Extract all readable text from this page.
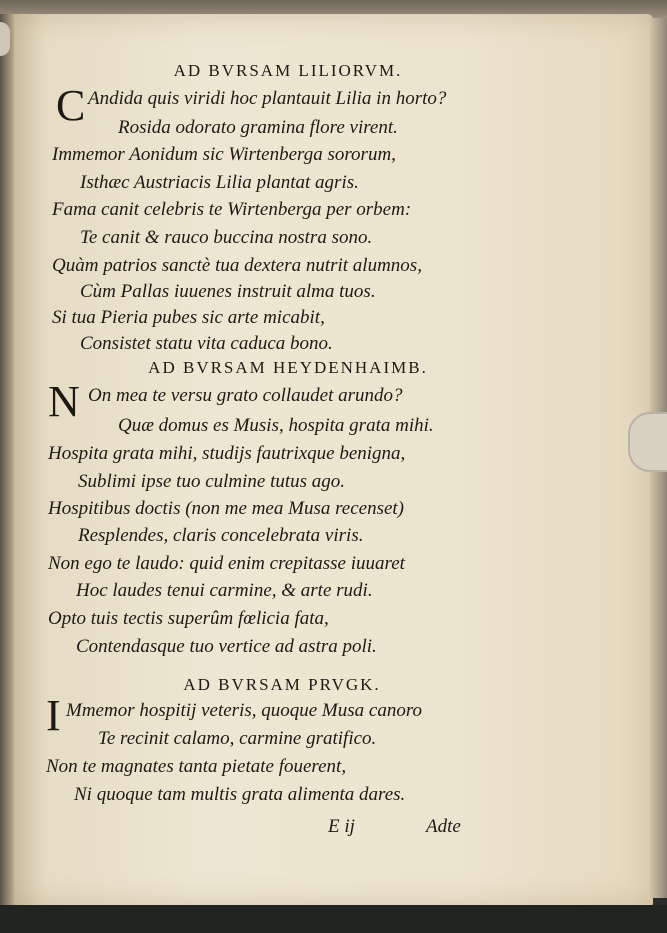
AD BVRSAM LILIORVM.
C Andida quis viridi hoc plantauit Lilia in horto?
Rosida odorato gramina flore virent.
Immemor Aonidum sic Wirtenberga sororum,
Isthæc Austriacis Lilia plantat agris.
Fama canit celebris te Wirtenberga per orbem:
Te canit & rauco buccina nostra sono.
Quàm patrios sanctè tua dextera nutrit alumnos,
Cùm Pallas iuuenes instruit alma tuos.
Si tua Pieria pubes sic arte micabit,
Consistet statu vita caduca bono.
AD BVRSAM HEYDENHAIMB.
N On mea te versu grato collaudet arundo?
Quæ domus es Musis, hospita grata mihi.
Hospita grata mihi, studijs fautrixque benigna,
Sublimi ipse tuo culmine tutus ago.
Hospitibus doctis (non me mea Musa recenset)
Resplendes, claris concelebrata viris.
Non ego te laudo: quid enim crepitasse iuuaret
Hoc laudes tenui carmine, & arte rudi.
Opto tuis tectis superûm fœlicia fata,
Contendasque tuo vertice ad astra poli.
AD BVRSAM PRVGK.
I Mmemor hospitij veteris, quoque Musa canoro
Te recinit calamo, carmine gratifico.
Non te magnates tanta pietate fouerent,
Ni quoque tam multis grata alimenta dares.
E ij	Adte
